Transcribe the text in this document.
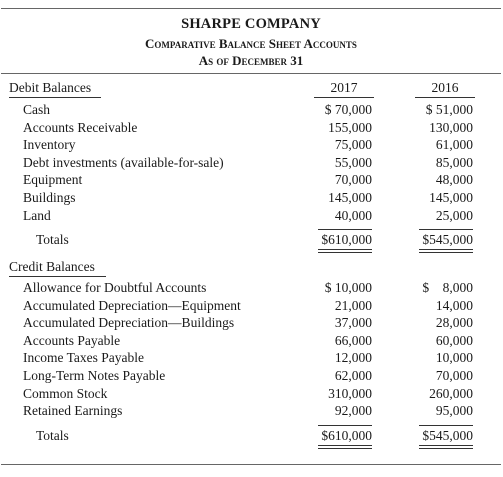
SHARPE COMPANY
Comparative Balance Sheet Accounts
As of December 31
Debit Balances	2017	2016
Cash	$ 70,000	$ 51,000
Accounts Receivable	155,000	130,000
Inventory	75,000	61,000
Debt investments (available-for-sale)	55,000	85,000
Equipment	70,000	48,000
Buildings	145,000	145,000
Land	40,000	25,000
Totals	$610,000	$545,000
Credit Balances
Allowance for Doubtful Accounts	$ 10,000	$    8,000
Accumulated Depreciation—Equipment	21,000	14,000
Accumulated Depreciation—Buildings	37,000	28,000
Accounts Payable	66,000	60,000
Income Taxes Payable	12,000	10,000
Long-Term Notes Payable	62,000	70,000
Common Stock	310,000	260,000
Retained Earnings	92,000	95,000
Totals	$610,000	$545,000
